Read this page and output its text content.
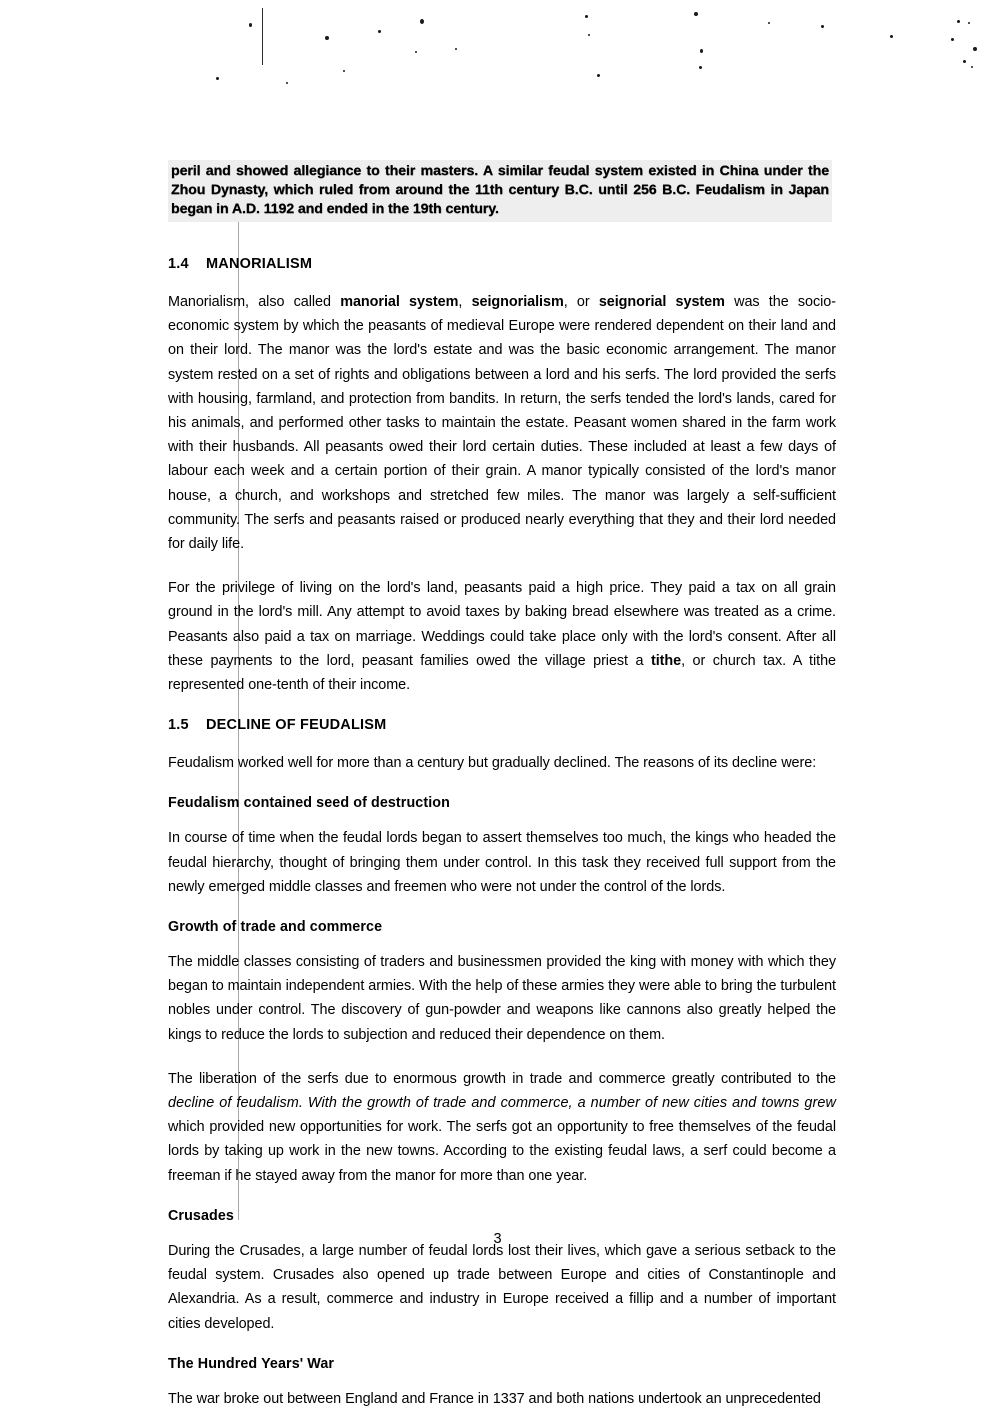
peril and showed allegiance to their masters. A similar feudal system existed in China under the Zhou Dynasty, which ruled from around the 11th century B.C. until 256 B.C. Feudalism in Japan began in A.D. 1192 and ended in the 19th century.

1.4 MANORIALISM

Manorialism, also called manorial system, seignorialism, or seignorial system was the socio-economic system by which the peasants of medieval Europe were rendered dependent on their land and on their lord. The manor was the lord's estate and was the basic economic arrangement. The manor system rested on a set of rights and obligations between a lord and his serfs. The lord provided the serfs with housing, farmland, and protection from bandits. In return, the serfs tended the lord's lands, cared for his animals, and performed other tasks to maintain the estate. Peasant women shared in the farm work with their husbands. All peasants owed their lord certain duties. These included at least a few days of labour each week and a certain portion of their grain. A manor typically consisted of the lord's manor house, a church, and workshops and stretched few miles. The manor was largely a self-sufficient community. The serfs and peasants raised or produced nearly everything that they and their lord needed for daily life.

For the privilege of living on the lord's land, peasants paid a high price. They paid a tax on all grain ground in the lord's mill. Any attempt to avoid taxes by baking bread elsewhere was treated as a crime. Peasants also paid a tax on marriage. Weddings could take place only with the lord's consent. After all these payments to the lord, peasant families owed the village priest a tithe, or church tax. A tithe represented one-tenth of their income.

1.5 DECLINE OF FEUDALISM

Feudalism worked well for more than a century but gradually declined. The reasons of its decline were:

Feudalism contained seed of destruction

In course of time when the feudal lords began to assert themselves too much, the kings who headed the feudal hierarchy, thought of bringing them under control. In this task they received full support from the newly emerged middle classes and freemen who were not under the control of the lords.

Growth of trade and commerce

The middle classes consisting of traders and businessmen provided the king with money with which they began to maintain independent armies. With the help of these armies they were able to bring the turbulent nobles under control. The discovery of gun-powder and weapons like cannons also greatly helped the kings to reduce the lords to subjection and reduced their dependence on them.

The liberation of the serfs due to enormous growth in trade and commerce greatly contributed to the decline of feudalism. With the growth of trade and commerce, a number of new cities and towns grew which provided new opportunities for work. The serfs got an opportunity to free themselves of the feudal lords by taking up work in the new towns. According to the existing feudal laws, a serf could become a freeman if he stayed away from the manor for more than one year.

Crusades

During the Crusades, a large number of feudal lords lost their lives, which gave a serious setback to the feudal system. Crusades also opened up trade between Europe and cities of Constantinople and Alexandria. As a result, commerce and industry in Europe received a fillip and a number of important cities developed.

The Hundred Years' War

The war broke out between England and France in 1337 and both nations undertook an unprecedented

3
